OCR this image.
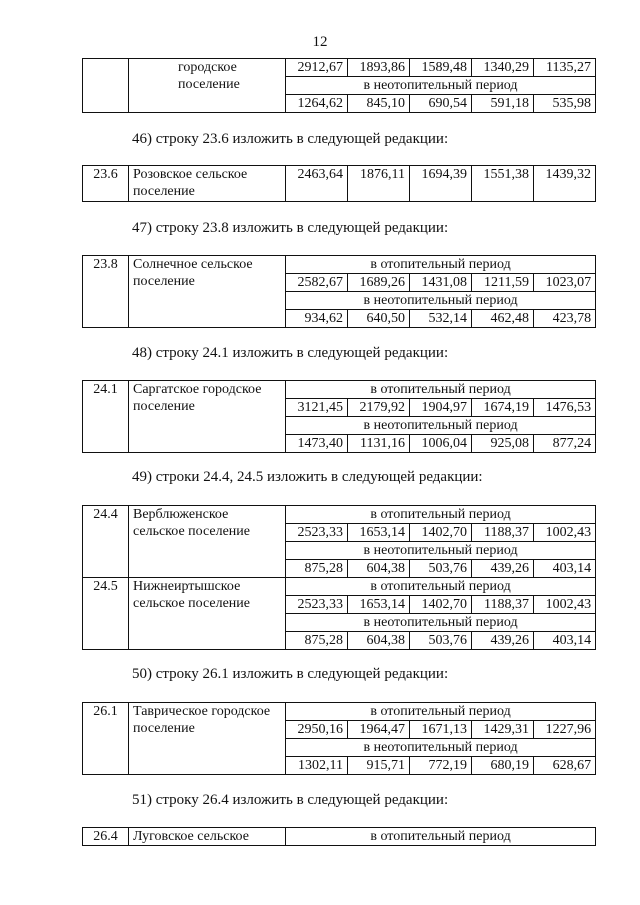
12
	городское поселение	2912,67	1893,86	1589,48	1340,29	1135,27
		в неотопительный период				
		1264,62	845,10	690,54	591,18	535,98
46) строку 23.6 изложить в следующей редакции:
23.6	Розовское сельское поселение	2463,64	1876,11	1694,39	1551,38	1439,32
47) строку 23.8 изложить в следующей редакции:
23.8	Солнечное сельское поселение	в отопительный период				
		2582,67	1689,26	1431,08	1211,59	1023,07
		в неотопительный период				
		934,62	640,50	532,14	462,48	423,78
48) строку 24.1 изложить в следующей редакции:
24.1	Саргатское городское поселение	в отопительный период				
		3121,45	2179,92	1904,97	1674,19	1476,53
		в неотопительный период				
		1473,40	1131,16	1006,04	925,08	877,24
49) строки 24.4, 24.5 изложить в следующей редакции:
24.4	Верблюженское сельское поселение	в отопительный период				
		2523,33	1653,14	1402,70	1188,37	1002,43
		в неотопительный период				
		875,28	604,38	503,76	439,26	403,14
24.5	Нижнеиртышское сельское поселение	в отопительный период				
		2523,33	1653,14	1402,70	1188,37	1002,43
		в неотопительный период				
		875,28	604,38	503,76	439,26	403,14
50) строку 26.1 изложить в следующей редакции:
26.1	Таврическое городское поселение	в отопительный период				
		2950,16	1964,47	1671,13	1429,31	1227,96
		в неотопительный период				
		1302,11	915,71	772,19	680,19	628,67
51) строку 26.4 изложить в следующей редакции:
26.4	Луговское сельское	в отопительный период
